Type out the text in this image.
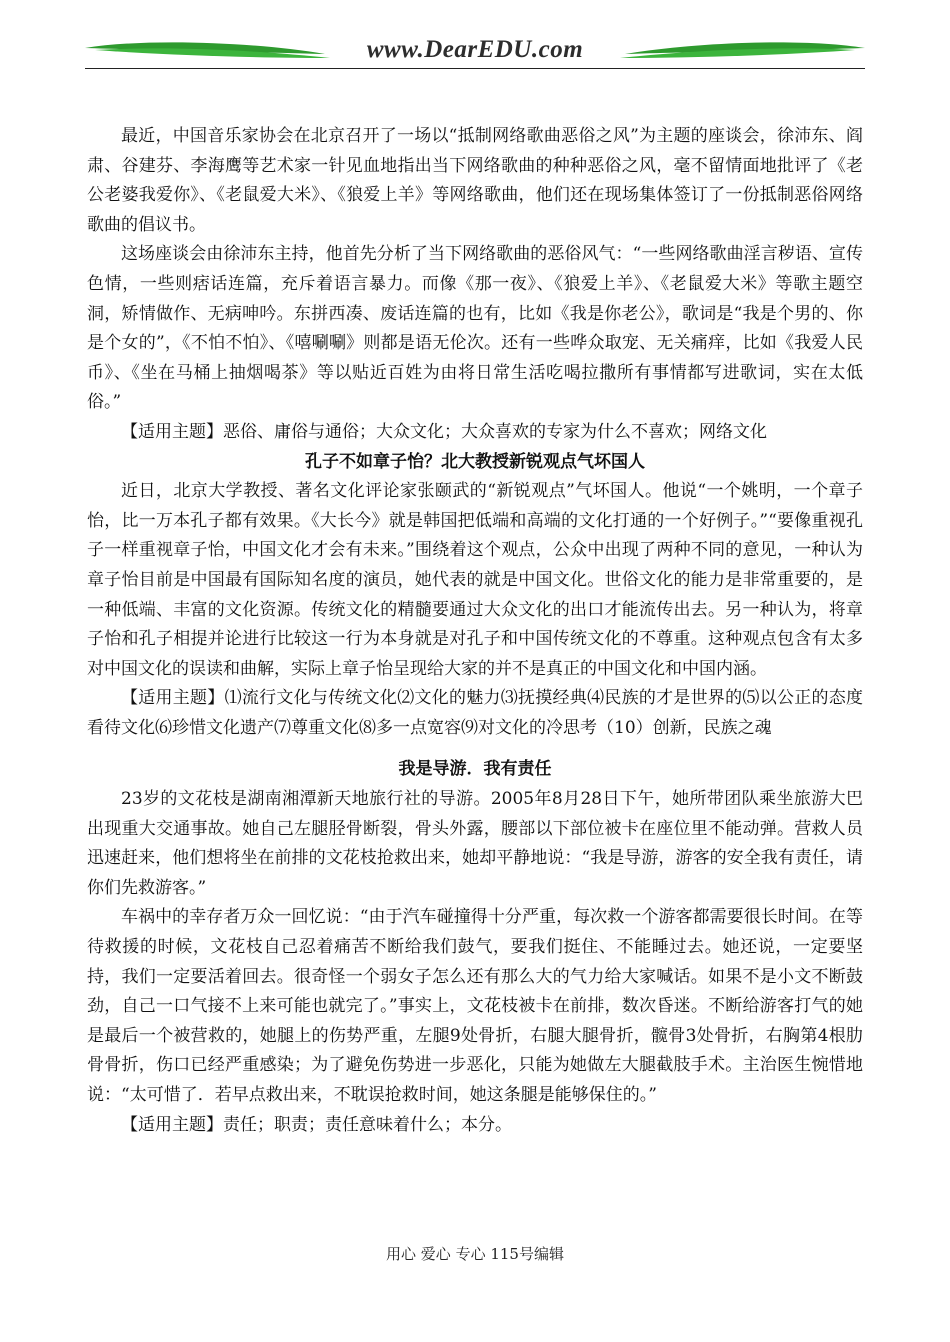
www.DearEDU.com

最近，中国音乐家协会在北京召开了一场以“抵制网络歌曲恶俗之风”为主题的座谈会，徐沛东、阎肃、谷建芬、李海鹰等艺术家一针见血地指出当下网络歌曲的种种恶俗之风，毫不留情面地批评了《老公老婆我爱你》、《老鼠爱大米》、《狼爱上羊》等网络歌曲，他们还在现场集体签订了一份抵制恶俗网络歌曲的倡议书。

这场座谈会由徐沛东主持，他首先分析了当下网络歌曲的恶俗风气：“一些网络歌曲淫言秽语、宣传色情，一些则痞话连篇，充斥着语言暴力。而像《那一夜》、《狼爱上羊》、《老鼠爱大米》等歌主题空洞，矫情做作、无病呻吟。东拼西凑、废话连篇的也有，比如《我是你老公》，歌词是“我是个男的、你是个女的”，《不怕不怕》、《嘻唰唰》则都是语无伦次。还有一些哗众取宠、无关痛痒，比如《我爱人民币》、《坐在马桶上抽烟喝茶》等以贴近百姓为由将日常生活吃喝拉撒所有事情都写进歌词，实在太低俗。”

【适用主题】恶俗、庸俗与通俗；大众文化；大众喜欢的专家为什么不喜欢；网络文化

孔子不如章子怡？北大教授新锐观点气坏国人

近日，北京大学教授、著名文化评论家张颐武的“新锐观点”气坏国人。他说“一个姚明，一个章子怡，比一万本孔子都有效果。《大长今》就是韩国把低端和高端的文化打通的一个好例子。”“要像重视孔子一样重视章子怡，中国文化才会有未来。”围绕着这个观点，公众中出现了两种不同的意见，一种认为章子怡目前是中国最有国际知名度的演员，她代表的就是中国文化。世俗文化的能力是非常重要的，是一种低端、丰富的文化资源。传统文化的精髓要通过大众文化的出口才能流传出去。另一种认为，将章子怡和孔子相提并论进行比较这一行为本身就是对孔子和中国传统文化的不尊重。这种观点包含有太多对中国文化的误读和曲解，实际上章子怡呈现给大家的并不是真正的中国文化和中国内涵。

【适用主题】⑴流行文化与传统文化⑵文化的魅力⑶抚摸经典⑷民族的才是世界的⑸以公正的态度看待文化⑹珍惜文化遗产⑺尊重文化⑻多一点宽容⑼对文化的冷思考（10）创新，民族之魂

我是导游．我有责任

23岁的文花枝是湖南湘潭新天地旅行社的导游。2005年8月28日下午，她所带团队乘坐旅游大巴出现重大交通事故。她自己左腿胫骨断裂，骨头外露，腰部以下部位被卡在座位里不能动弹。营救人员迅速赶来，他们想将坐在前排的文花枝抢救出来，她却平静地说：“我是导游，游客的安全我有责任，请你们先救游客。”

车祸中的幸存者万众一回忆说：“由于汽车碰撞得十分严重，每次救一个游客都需要很长时间。在等待救援的时候，文花枝自己忍着痛苦不断给我们鼓气，要我们挺住、不能睡过去。她还说，一定要坚持，我们一定要活着回去。很奇怪一个弱女子怎么还有那么大的气力给大家喊话。如果不是小文不断鼓劲，自己一口气接不上来可能也就完了。”事实上，文花枝被卡在前排，数次昏迷。不断给游客打气的她是最后一个被营救的，她腿上的伤势严重，左腿9处骨折，右腿大腿骨折，髋骨3处骨折，右胸第4根肋骨骨折，伤口已经严重感染；为了避免伤势进一步恶化，只能为她做左大腿截肢手术。主治医生惋惜地说：“太可惜了．若早点救出来，不耽误抢救时间，她这条腿是能够保住的。”

【适用主题】责任；职责；责任意味着什么；本分。

用心 爱心 专心 115号编辑
